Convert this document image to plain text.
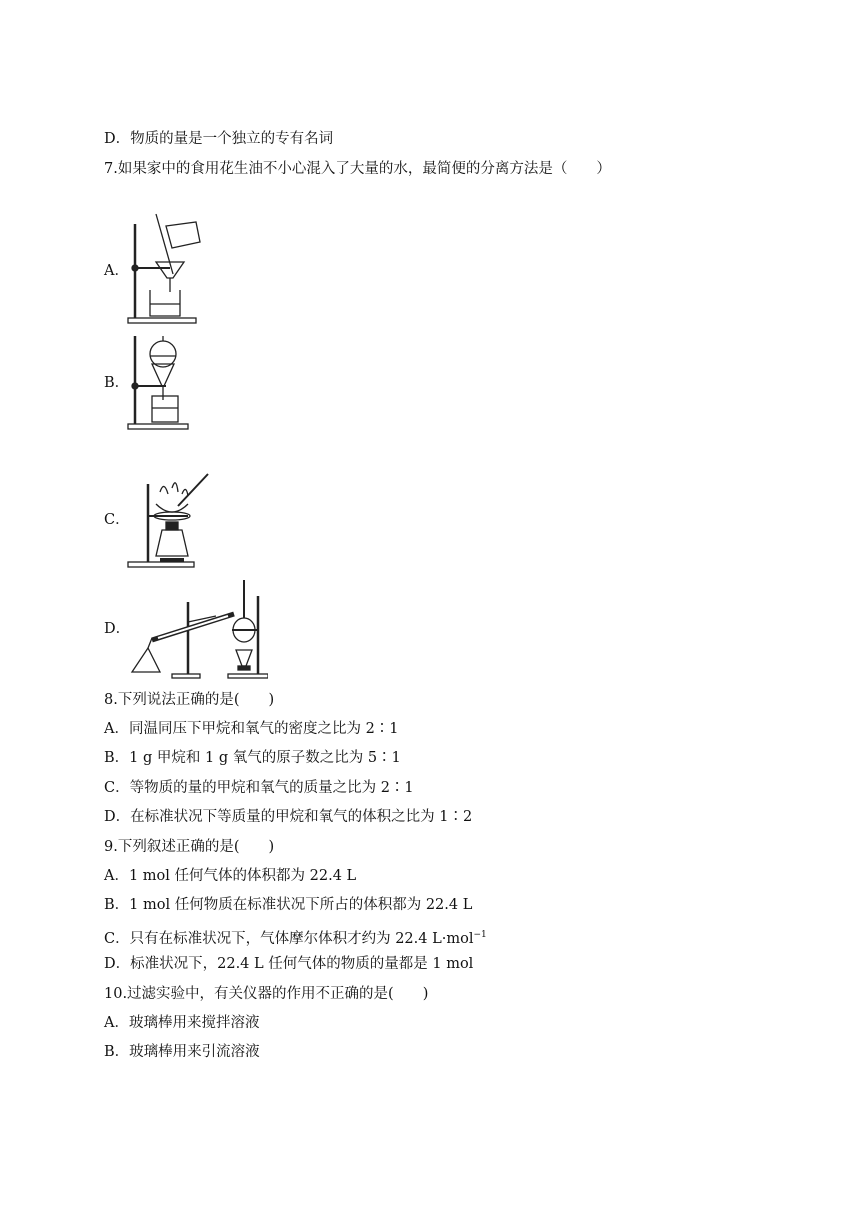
D．物质的量是一个独立的专有名词
7.如果家中的食用花生油不小心混入了大量的水，最简便的分离方法是（　　）
A．
B．
C．
D．
8.下列说法正确的是(　　)
A．同温同压下甲烷和氧气的密度之比为 2∶1
B．1 g 甲烷和 1 g 氧气的原子数之比为 5∶1
C．等物质的量的甲烷和氧气的质量之比为 2∶1
D．在标准状况下等质量的甲烷和氧气的体积之比为 1∶2
9.下列叙述正确的是(　　)
A．1 mol 任何气体的体积都为 22.4 L
B．1 mol 任何物质在标准状况下所占的体积都为 22.4 L
C．只有在标准状况下，气体摩尔体积才约为 22.4 L·mol$^{-1}$
D．标准状况下，22.4 L 任何气体的物质的量都是 1 mol
10.过滤实验中，有关仪器的作用不正确的是(　　)
A．玻璃棒用来搅拌溶液
B．玻璃棒用来引流溶液
